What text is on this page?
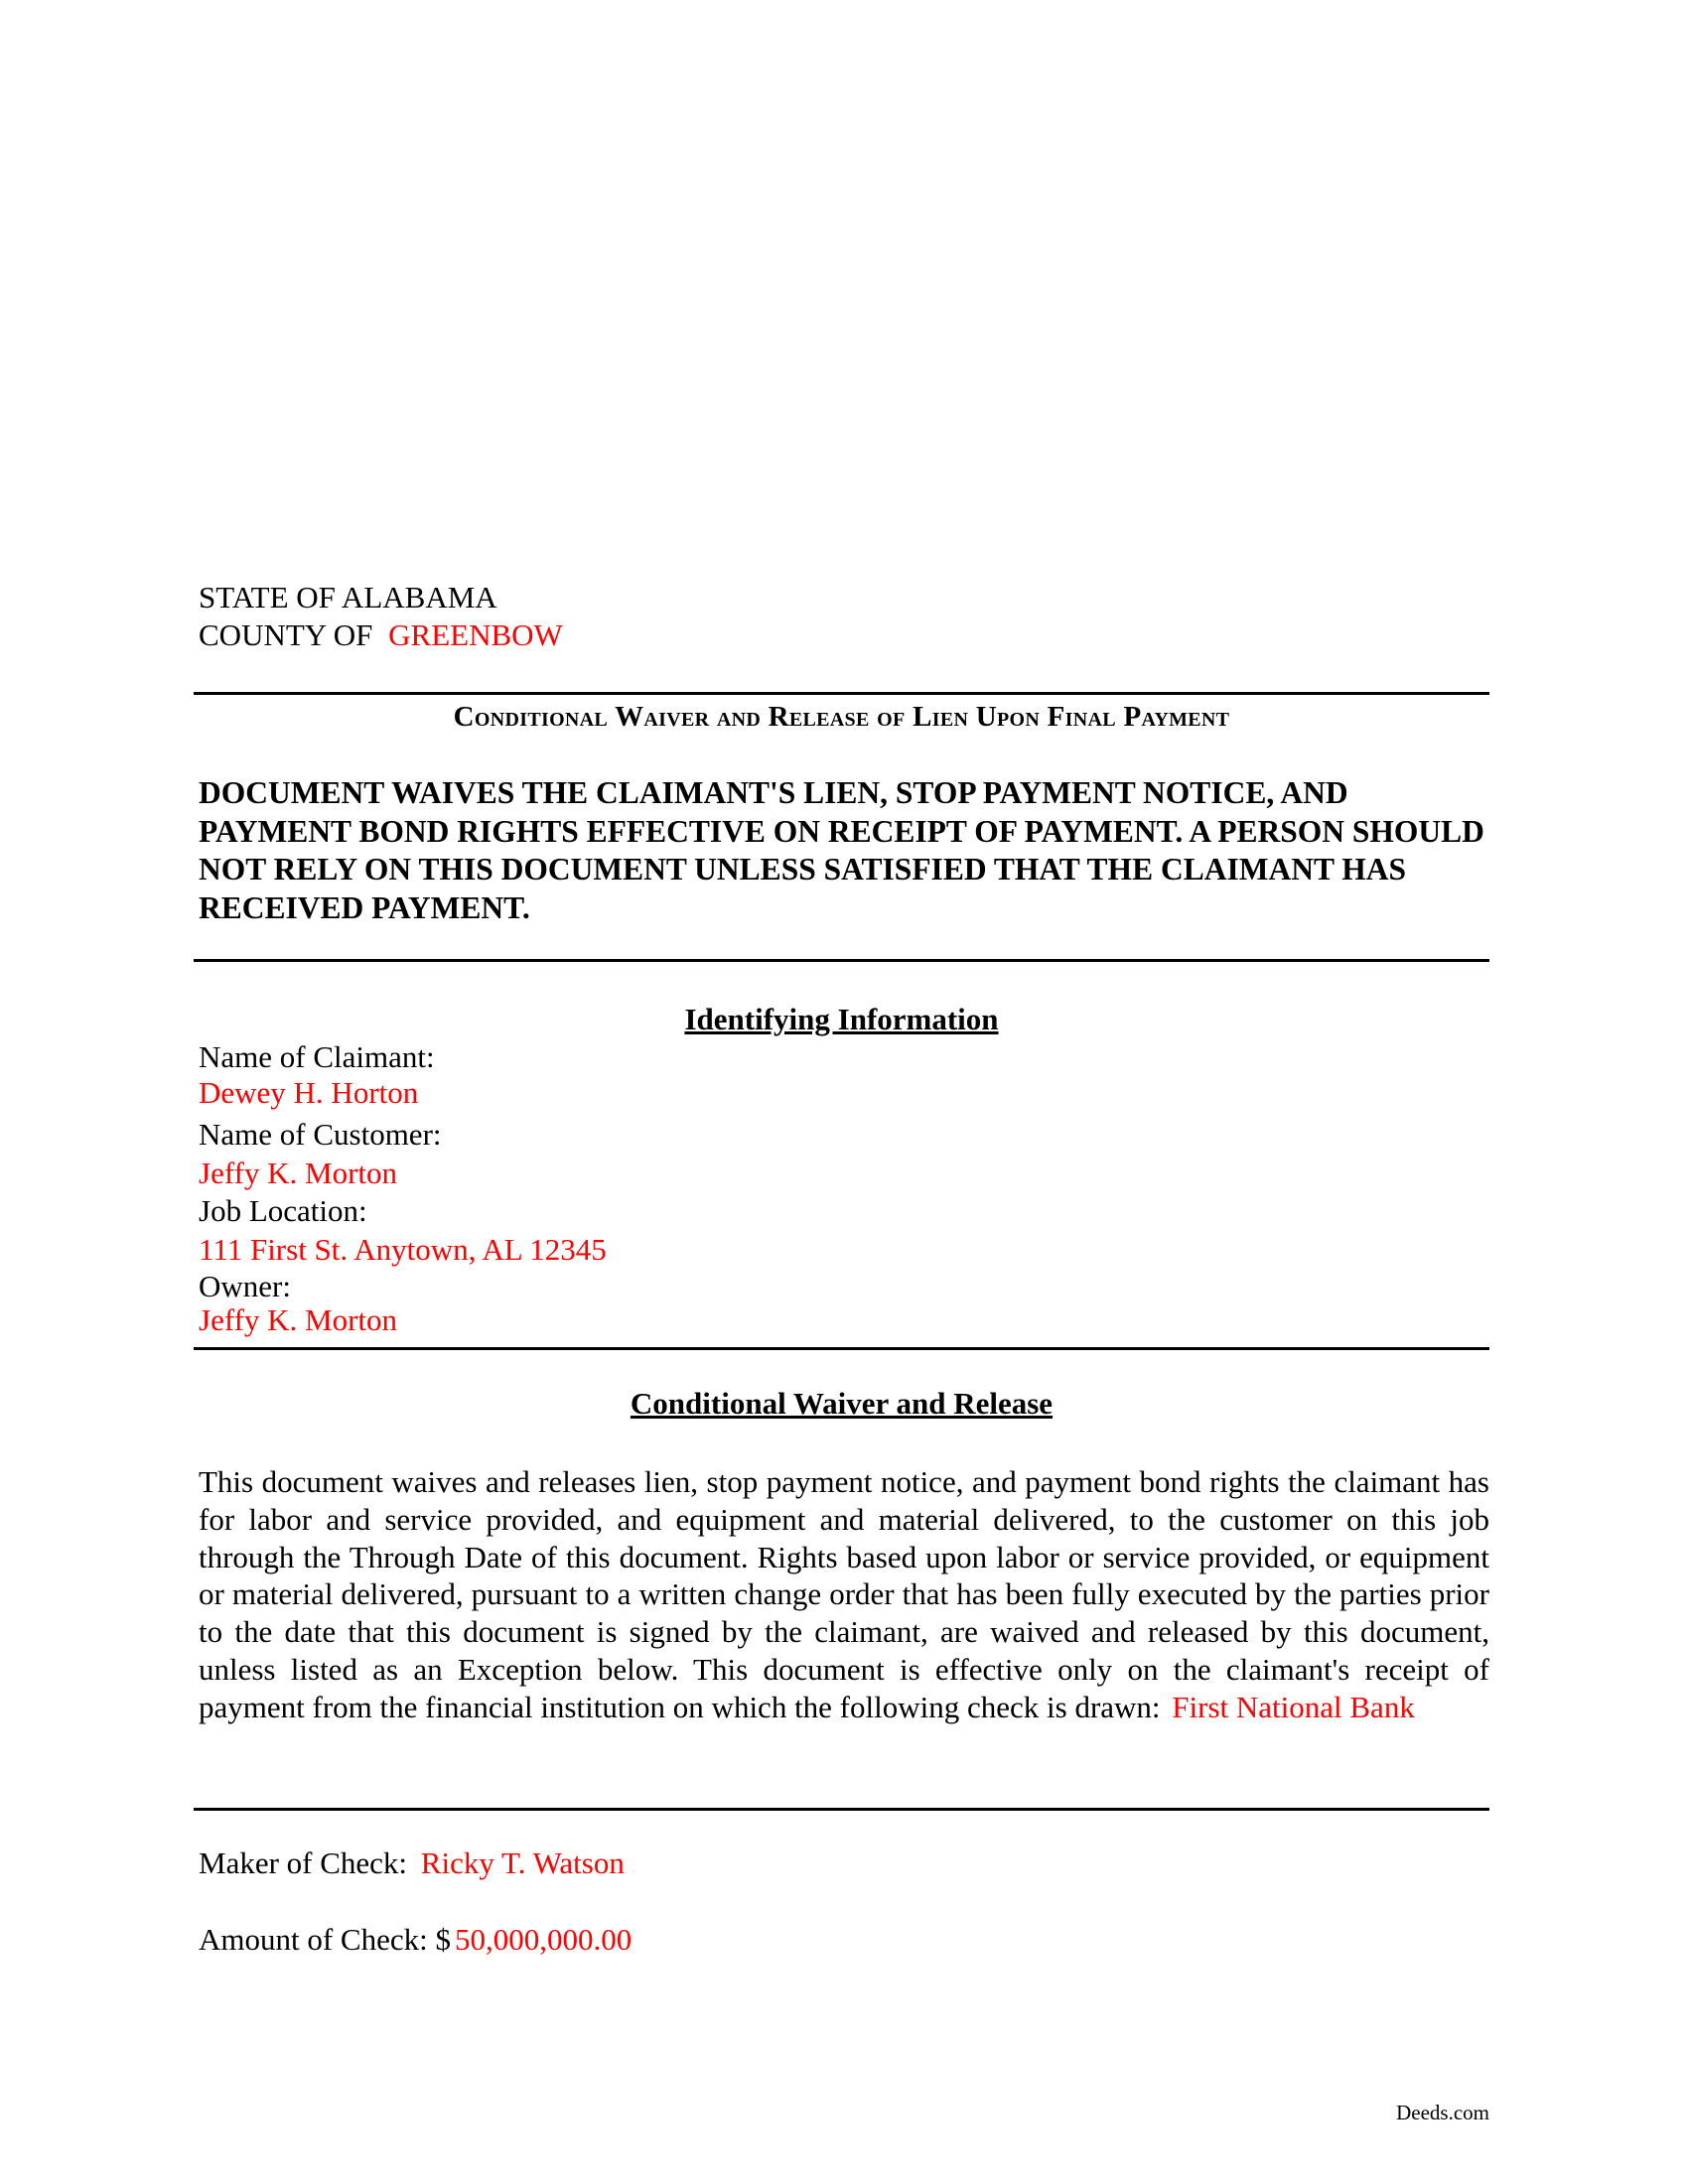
STATE OF ALABAMA
COUNTY OF GREENBOW
Conditional Waiver and Release of Lien Upon Final Payment
DOCUMENT WAIVES THE CLAIMANT'S LIEN, STOP PAYMENT NOTICE, AND PAYMENT BOND RIGHTS EFFECTIVE ON RECEIPT OF PAYMENT. A PERSON SHOULD NOT RELY ON THIS DOCUMENT UNLESS SATISFIED THAT THE CLAIMANT HAS RECEIVED PAYMENT.
Identifying Information
Name of Claimant:
Dewey H. Horton
Name of Customer:
Jeffy K. Morton
Job Location:
111 First St. Anytown, AL 12345
Owner:
Jeffy K. Morton
Conditional Waiver and Release
This document waives and releases lien, stop payment notice, and payment bond rights the claimant has for labor and service provided, and equipment and material delivered, to the customer on this job through the Through Date of this document. Rights based upon labor or service provided, or equipment or material delivered, pursuant to a written change order that has been fully executed by the parties prior to the date that this document is signed by the claimant, are waived and released by this document, unless listed as an Exception below. This document is effective only on the claimant's receipt of payment from the financial institution on which the following check is drawn: First National Bank
Maker of Check: Ricky T. Watson
Amount of Check: $ 50,000,000.00
Deeds.com
